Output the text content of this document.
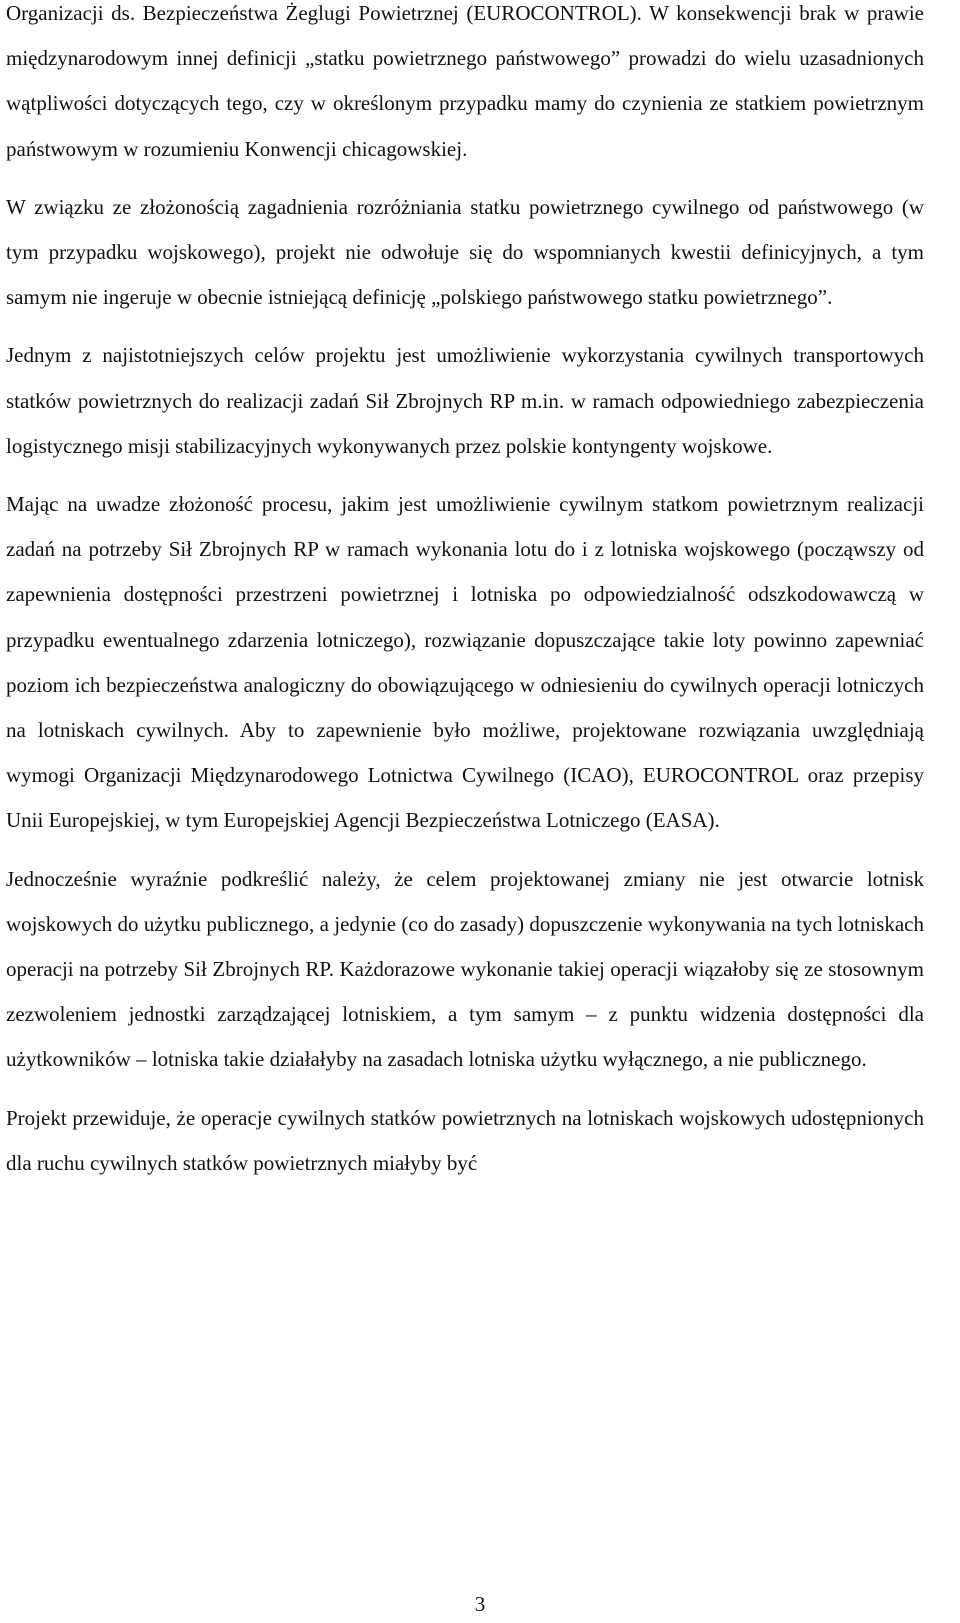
Organizacji ds. Bezpieczeństwa Żeglugi Powietrznej (EUROCONTROL). W konsekwencji brak w prawie międzynarodowym innej definicji „statku powietrznego państwowego” prowadzi do wielu uzasadnionych wątpliwości dotyczących tego, czy w określonym przypadku mamy do czynienia ze statkiem powietrznym państwowym w rozumieniu Konwencji chicagowskiej.

W związku ze złożonością zagadnienia rozróżniania statku powietrznego cywilnego od państwowego (w tym przypadku wojskowego), projekt nie odwołuje się do wspomnianych kwestii definicyjnych, a tym samym nie ingeruje w obecnie istniejącą definicję „polskiego państwowego statku powietrznego”.

Jednym z najistotniejszych celów projektu jest umożliwienie wykorzystania cywilnych transportowych statków powietrznych do realizacji zadań Sił Zbrojnych RP m.in. w ramach odpowiedniego zabezpieczenia logistycznego misji stabilizacyjnych wykonywanych przez polskie kontyngenty wojskowe.

Mając na uwadze złożoność procesu, jakim jest umożliwienie cywilnym statkom powietrznym realizacji zadań na potrzeby Sił Zbrojnych RP w ramach wykonania lotu do i z lotniska wojskowego (począwszy od zapewnienia dostępności przestrzeni powietrznej i lotniska po odpowiedzialność odszkodowawczą w przypadku ewentualnego zdarzenia lotniczego), rozwiązanie dopuszczające takie loty powinno zapewniać poziom ich bezpieczeństwa analogiczny do obowiązującego w odniesieniu do cywilnych operacji lotniczych na lotniskach cywilnych. Aby to zapewnienie było możliwe, projektowane rozwiązania uwzględniają wymogi Organizacji Międzynarodowego Lotnictwa Cywilnego (ICAO), EUROCONTROL oraz przepisy Unii Europejskiej, w tym Europejskiej Agencji Bezpieczeństwa Lotniczego (EASA).

Jednocześnie wyraźnie podkreślić należy, że celem projektowanej zmiany nie jest otwarcie lotnisk wojskowych do użytku publicznego, a jedynie (co do zasady) dopuszczenie wykonywania na tych lotniskach operacji na potrzeby Sił Zbrojnych RP. Każdorazowe wykonanie takiej operacji wiązałoby się ze stosownym zezwoleniem jednostki zarządzającej lotniskiem, a tym samym – z punktu widzenia dostępności dla użytkowników – lotniska takie działałyby na zasadach lotniska użytku wyłącznego, a nie publicznego.

Projekt przewiduje, że operacje cywilnych statków powietrznych na lotniskach wojskowych udostępnionych dla ruchu cywilnych statków powietrznych miałyby być

3
